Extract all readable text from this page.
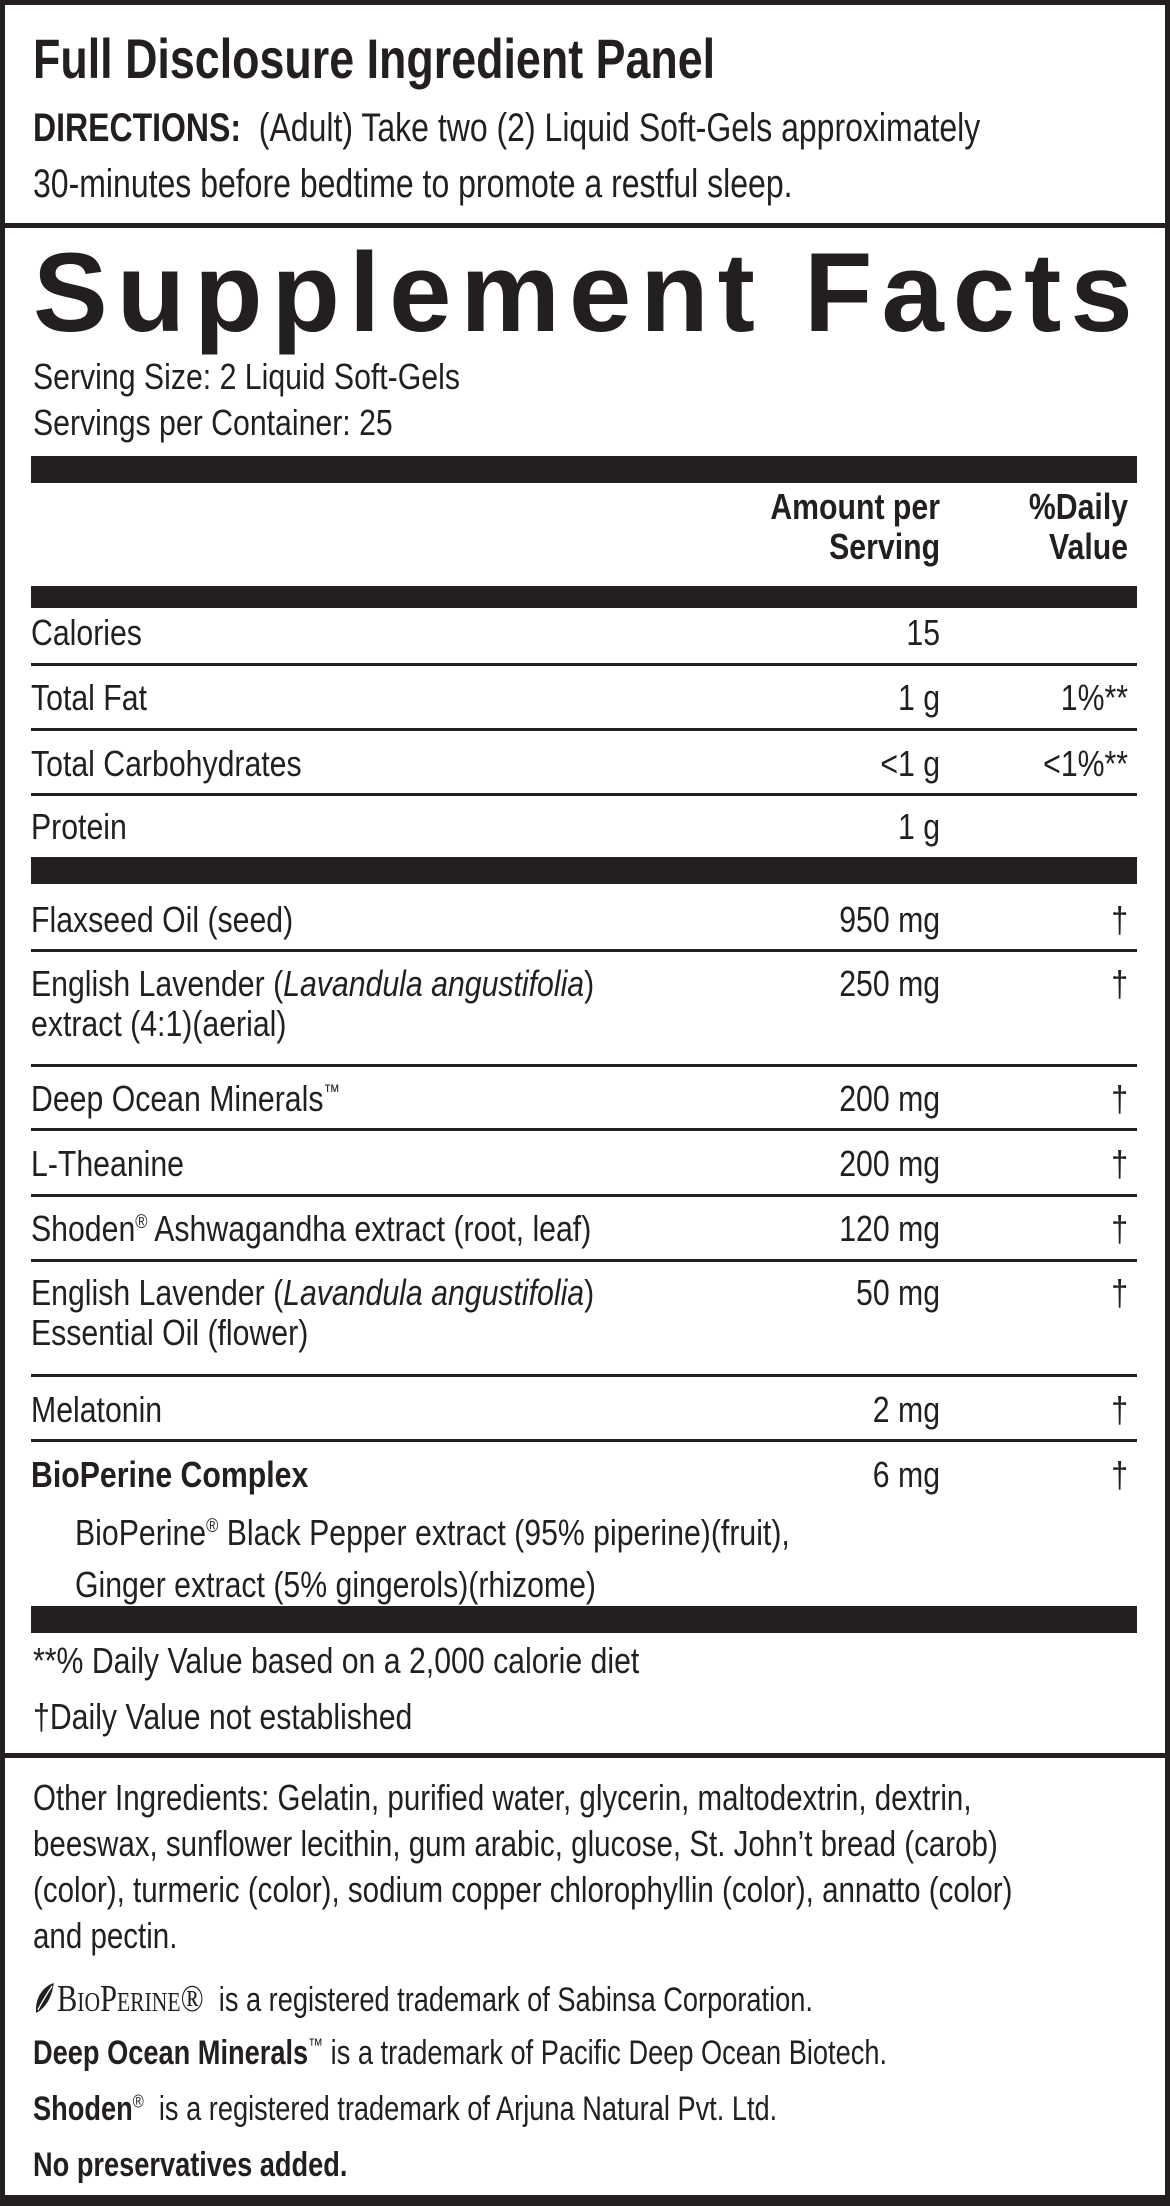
Full Disclosure Ingredient Panel
DIRECTIONS: (Adult) Take two (2) Liquid Soft-Gels approximately
30-minutes before bedtime to promote a restful sleep.
Supplement Facts
Serving Size: 2 Liquid Soft-Gels
Servings per Container: 25
Amount per
Serving
%Daily
Value
Calories	15
Total Fat	1 g	1%**
Total Carbohydrates	<1 g	<1%**
Protein	1 g
Flaxseed Oil (seed)	950 mg	†
English Lavender (Lavandula angustifolia)
extract (4:1)(aerial)
250 mg	†
Deep Ocean Minerals™	200 mg	†
L-Theanine	200 mg	†
Shoden® Ashwagandha extract (root, leaf)	120 mg	†
English Lavender (Lavandula angustifolia)
Essential Oil (flower)
50 mg	†
Melatonin	2 mg	†
BioPerine Complex	6 mg	†
BioPerine® Black Pepper extract (95% piperine)(fruit),
Ginger extract (5% gingerols)(rhizome)
**% Daily Value based on a 2,000 calorie diet
†Daily Value not established
Other Ingredients: Gelatin, purified water, glycerin, maltodextrin, dextrin,
beeswax, sunflower lecithin, gum arabic, glucose, St. John’t bread (carob)
(color), turmeric (color), sodium copper chlorophyllin (color), annatto (color)
and pectin.
BioPerine® is a registered trademark of Sabinsa Corporation.
Deep Ocean Minerals™ is a trademark of Pacific Deep Ocean Biotech.
Shoden® is a registered trademark of Arjuna Natural Pvt. Ltd.
No preservatives added.
